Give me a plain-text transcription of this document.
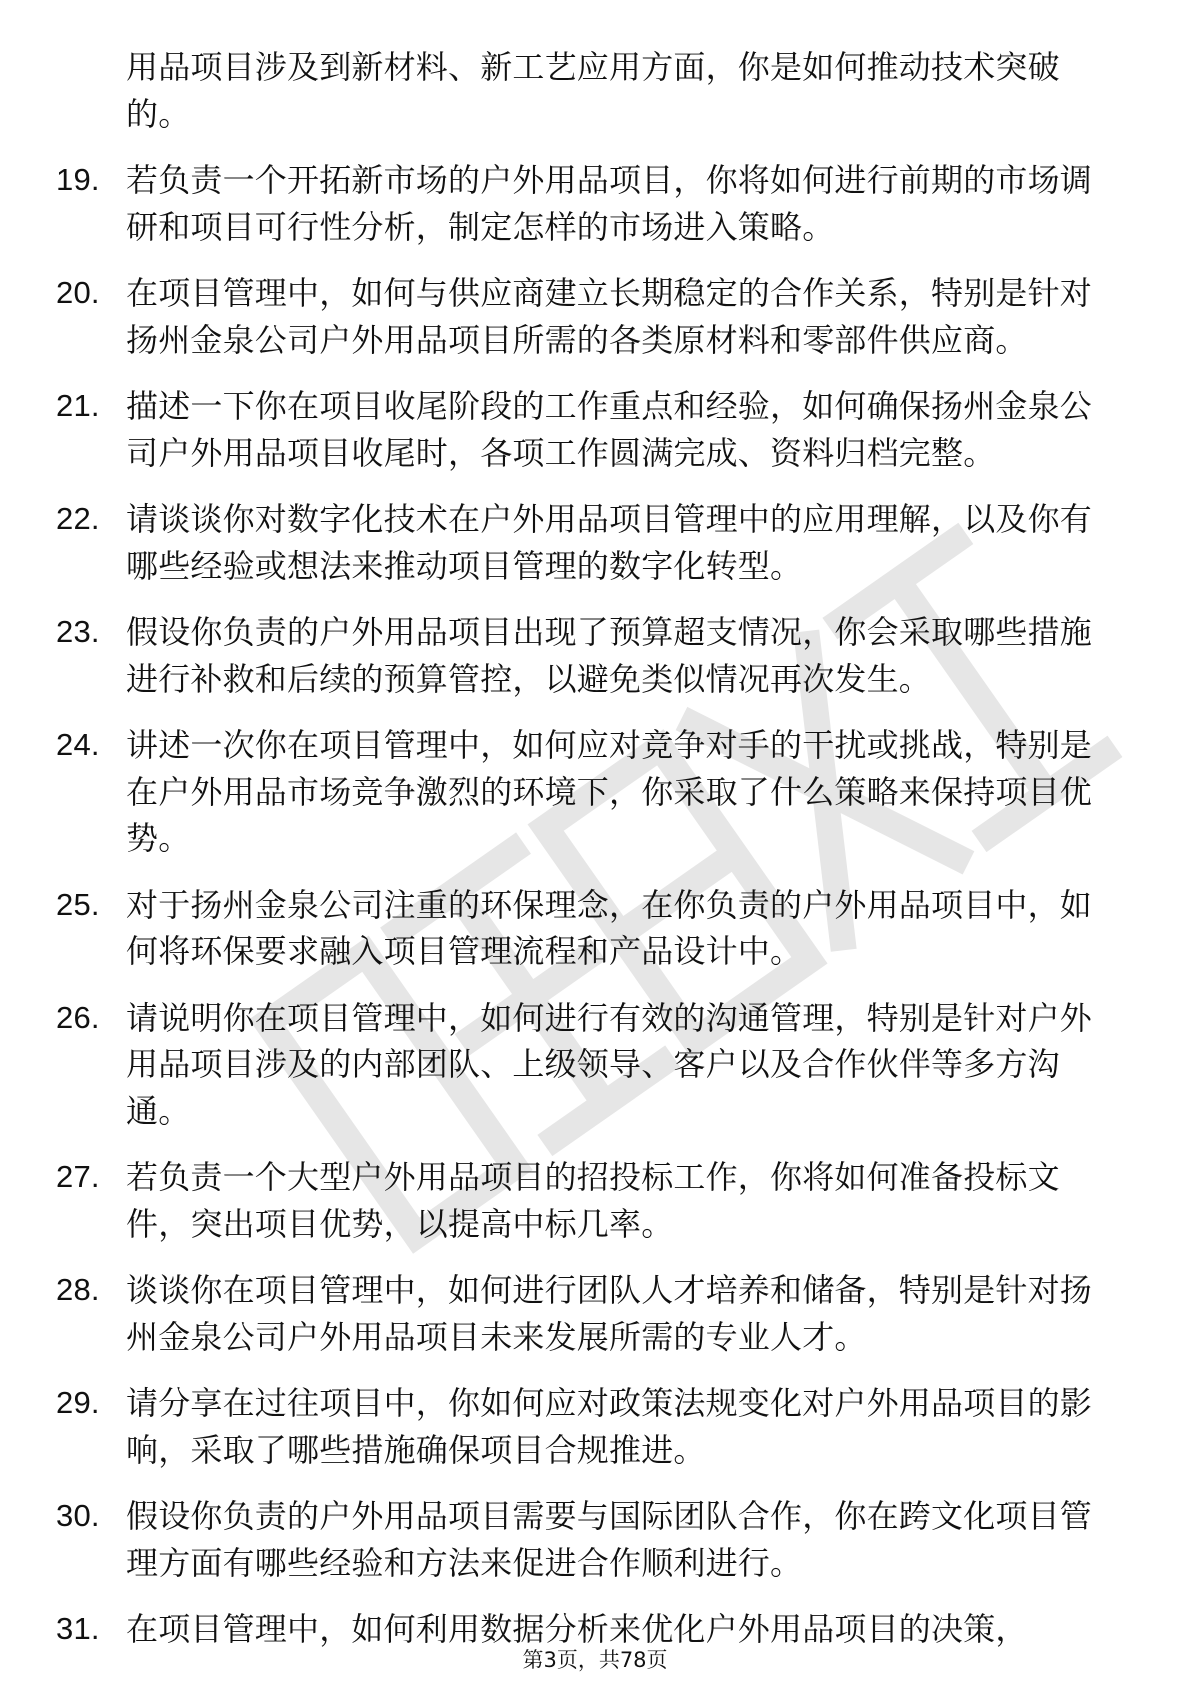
用品项目涉及到新材料、新工艺应用方面，你是如何推动技术突破的。
19. 若负责一个开拓新市场的户外用品项目，你将如何进行前期的市场调研和项目可行性分析，制定怎样的市场进入策略。
20. 在项目管理中，如何与供应商建立长期稳定的合作关系，特别是针对扬州金泉公司户外用品项目所需的各类原材料和零部件供应商。
21. 描述一下你在项目收尾阶段的工作重点和经验，如何确保扬州金泉公司户外用品项目收尾时，各项工作圆满完成、资料归档完整。
22. 请谈谈你对数字化技术在户外用品项目管理中的应用理解，以及你有哪些经验或想法来推动项目管理的数字化转型。
23. 假设你负责的户外用品项目出现了预算超支情况，你会采取哪些措施进行补救和后续的预算管控，以避免类似情况再次发生。
24. 讲述一次你在项目管理中，如何应对竞争对手的干扰或挑战，特别是在户外用品市场竞争激烈的环境下，你采取了什么策略来保持项目优势。
25. 对于扬州金泉公司注重的环保理念，在你负责的户外用品项目中，如何将环保要求融入项目管理流程和产品设计中。
26. 请说明你在项目管理中，如何进行有效的沟通管理，特别是针对户外用品项目涉及的内部团队、上级领导、客户以及合作伙伴等多方沟通。
27. 若负责一个大型户外用品项目的招投标工作，你将如何准备投标文件，突出项目优势，以提高中标几率。
28. 谈谈你在项目管理中，如何进行团队人才培养和储备，特别是针对扬州金泉公司户外用品项目未来发展所需的专业人才。
29. 请分享在过往项目中，你如何应对政策法规变化对户外用品项目的影响，采取了哪些措施确保项目合规推进。
30. 假设你负责的户外用品项目需要与国际团队合作，你在跨文化项目管理方面有哪些经验和方法来促进合作顺利进行。
31. 在项目管理中，如何利用数据分析来优化户外用品项目的决策，
第3页，共78页
